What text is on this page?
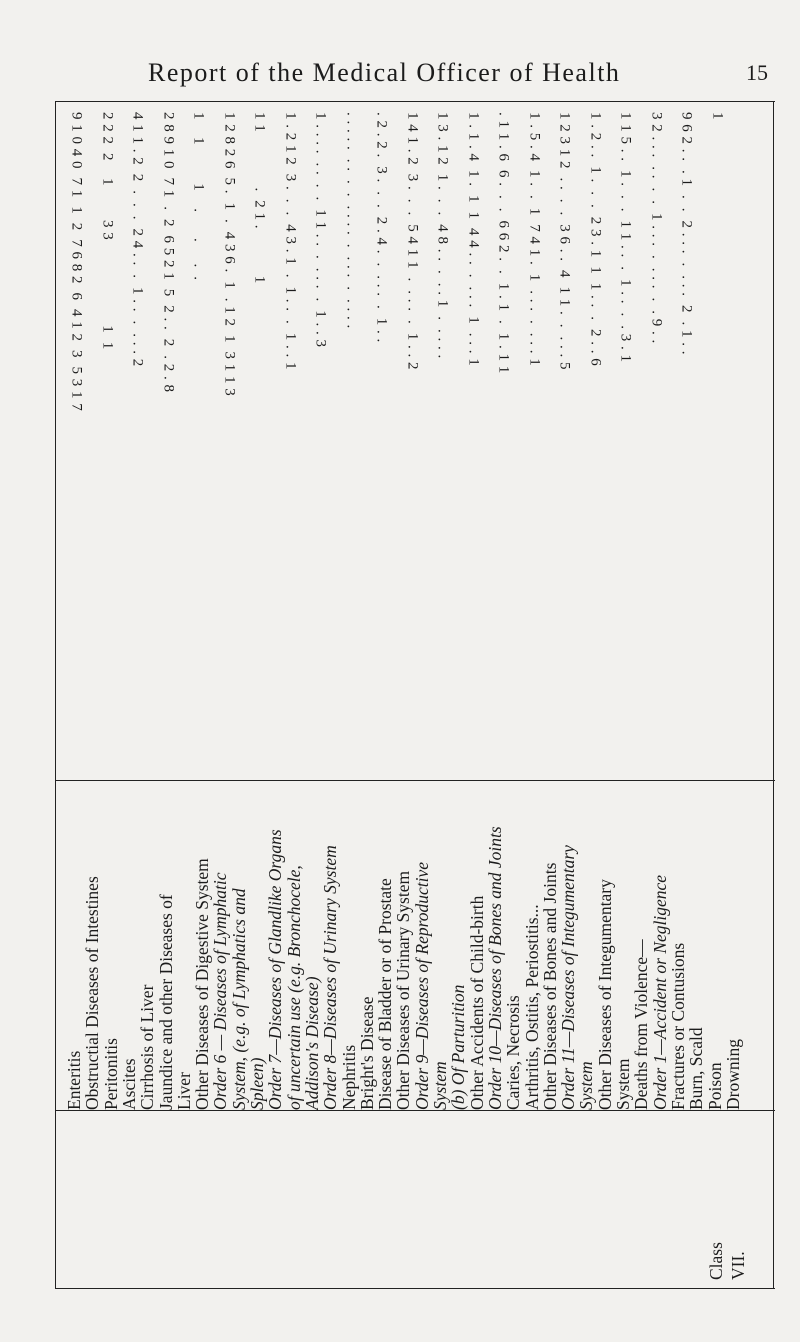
Report of the Medical Officer of Health	15
9 1 0 4 0  7 1  1  2  7 6 8 2  6  4 1 2  3  5 3 1 7 2 2 2  2    1        3 3                    1  1 4 1 1 . 2  2  .  .  .  2 4 . .  .  1 . .  .  . . . 2 2 8 9 1 0  7 1  .  2  6 5 2 1  5  2 . .  2  . 2 . 8 1    1         1    .      .     .  . 1 2 8 2 6  5 .  1  .  4 3 6 .  1  . 1 2  1  3 1 1 3 1 1             .  2 1 .           1 1 . 2 1 2  3 .  .  .  4 3 . 1  .  1 . .  .  1 . . 1 1 . . . .  . .  .  .  1 1 . .  .  . . .  .  1 . . 3 . . . . .  . .  .  .  . . . .  .  . . .  .  . . . . . 2 . 2 .  3 .  .  .  2 . 4 .  .  . . .  .  1 . . 1 4 1 . 2  3 .  .  .  5 4 1 1  .  . . .  .  1 . . 2 1 3 . 1 2  1 .  .  .  4 8 . .  .  . . 1  .  . . . . 1 . 1 . 4  1 .  1  1  4 4 . .  .  . . .  1  . . . 1 . 1 1 . 6  6 .  .  .  6 6 2 .  .  1 . 1  .  1 . 1 1 1 . 5 . 4  1 .  .  1  7 4 1 .  1  . . .  .  . . . 1 1 2 3 1 2  . .  .  .  3 6 . .  4  1 1 .  .  . . . 5 1 . 2 . .  1 .  .  .  2 3 . 1  1  1 . .  .  2 . . 6 1 1 5 . .  1 .  .  .  1 1 . .  .  1 . .  .  . 3 . 1 3 2 . . .  . .  .  .  1 . . .  .  . . .  .  . 9 . . 9 6 2 . .  . 1  .  .  2 . . .  .  . . .  2  . 1 . . 1
Enteritis
Obstructial Diseases of Intestines
Peritonitis
Ascites
Cirrhosis of Liver
Jaundice and other Diseases of
Liver
Other Diseases of Digestive System
Order 6 — Diseases of Lymphatic
System, (e.g. of Lymphatics and
Spleen)
Order 7—Diseases of Glandlike Organs
of uncertain use (e.g. Bronchocele,
Addison's Disease)
Order 8—Diseases of Urinary System
Nephritis
Bright's Disease
Disease of Bladder or of Prostate
Other Diseases of Urinary System
Order 9—Diseases of Reproductive
System
(b) Of Parturition
Other Accidents of Child-birth
Order 10—Diseases of Bones and Joints
Caries, Necrosis
Arthritis, Ostitis, Periostitis...
Other Diseases of Bones and Joints
Order 11—Diseases of Integumentary
System
Other Diseases of Integumentary
System
Deaths from Violence—
Order 1—Accident or Negligence
Fractures or Contusions
Burn, Scald
Poison
Drowning
Class VII.
